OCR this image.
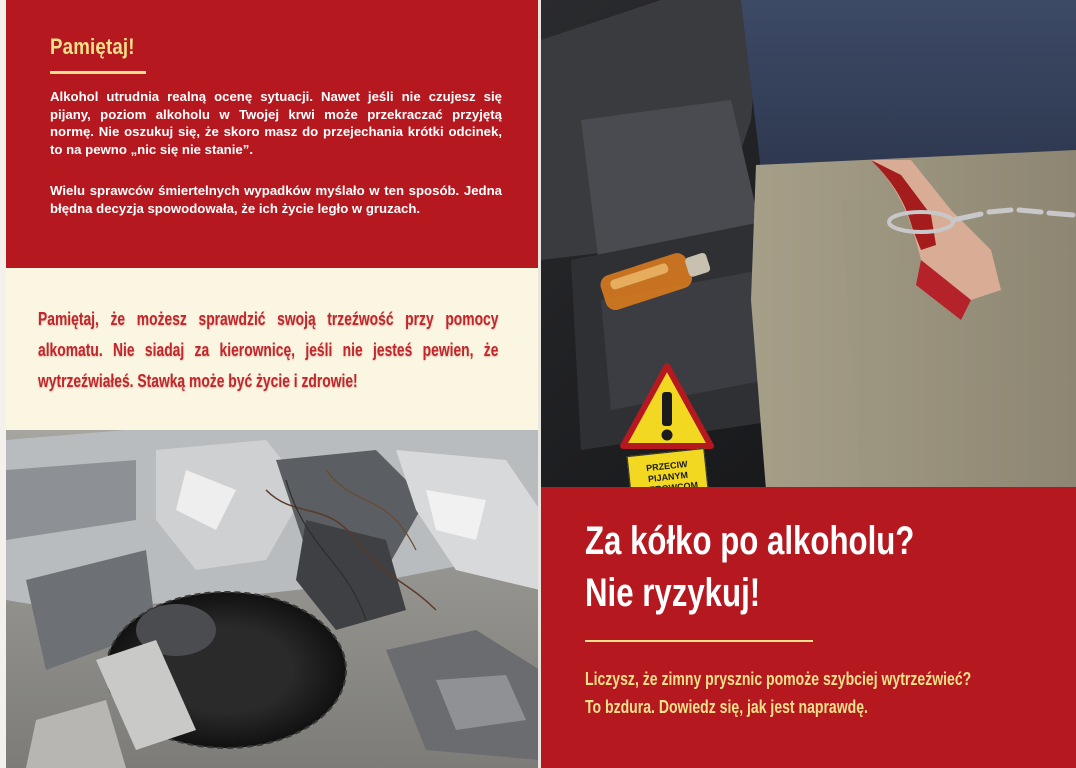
Pamiętaj!

Alkohol utrudnia realną ocenę sytuacji. Nawet jeśli nie czujesz się pijany, poziom alkoholu w Twojej krwi może przekraczać przyjętą normę. Nie oszukuj się, że skoro masz do przejechania krótki odcinek, to na pewno „nic się nie stanie”.

Wielu sprawców śmiertelnych wypadków myślało w ten sposób. Jedna błędna decyzja spowodowała, że ich życie legło w gruzach.

Pamiętaj, że możesz sprawdzić swoją trzeźwość przy pomocy alkomatu. Nie siadaj za kierownicę, jeśli nie jesteś pewien, że wytrzeźwiałeś. Stawką może być życie i zdrowie!

PRZECIW
PIJANYM
Za kółko po alkoholu?
Nie ryzykuj!
Liczysz, że zimny prysznic pomoże szybciej wytrzeźwieć?
To bzdura. Dowiedz się, jak jest naprawdę.
